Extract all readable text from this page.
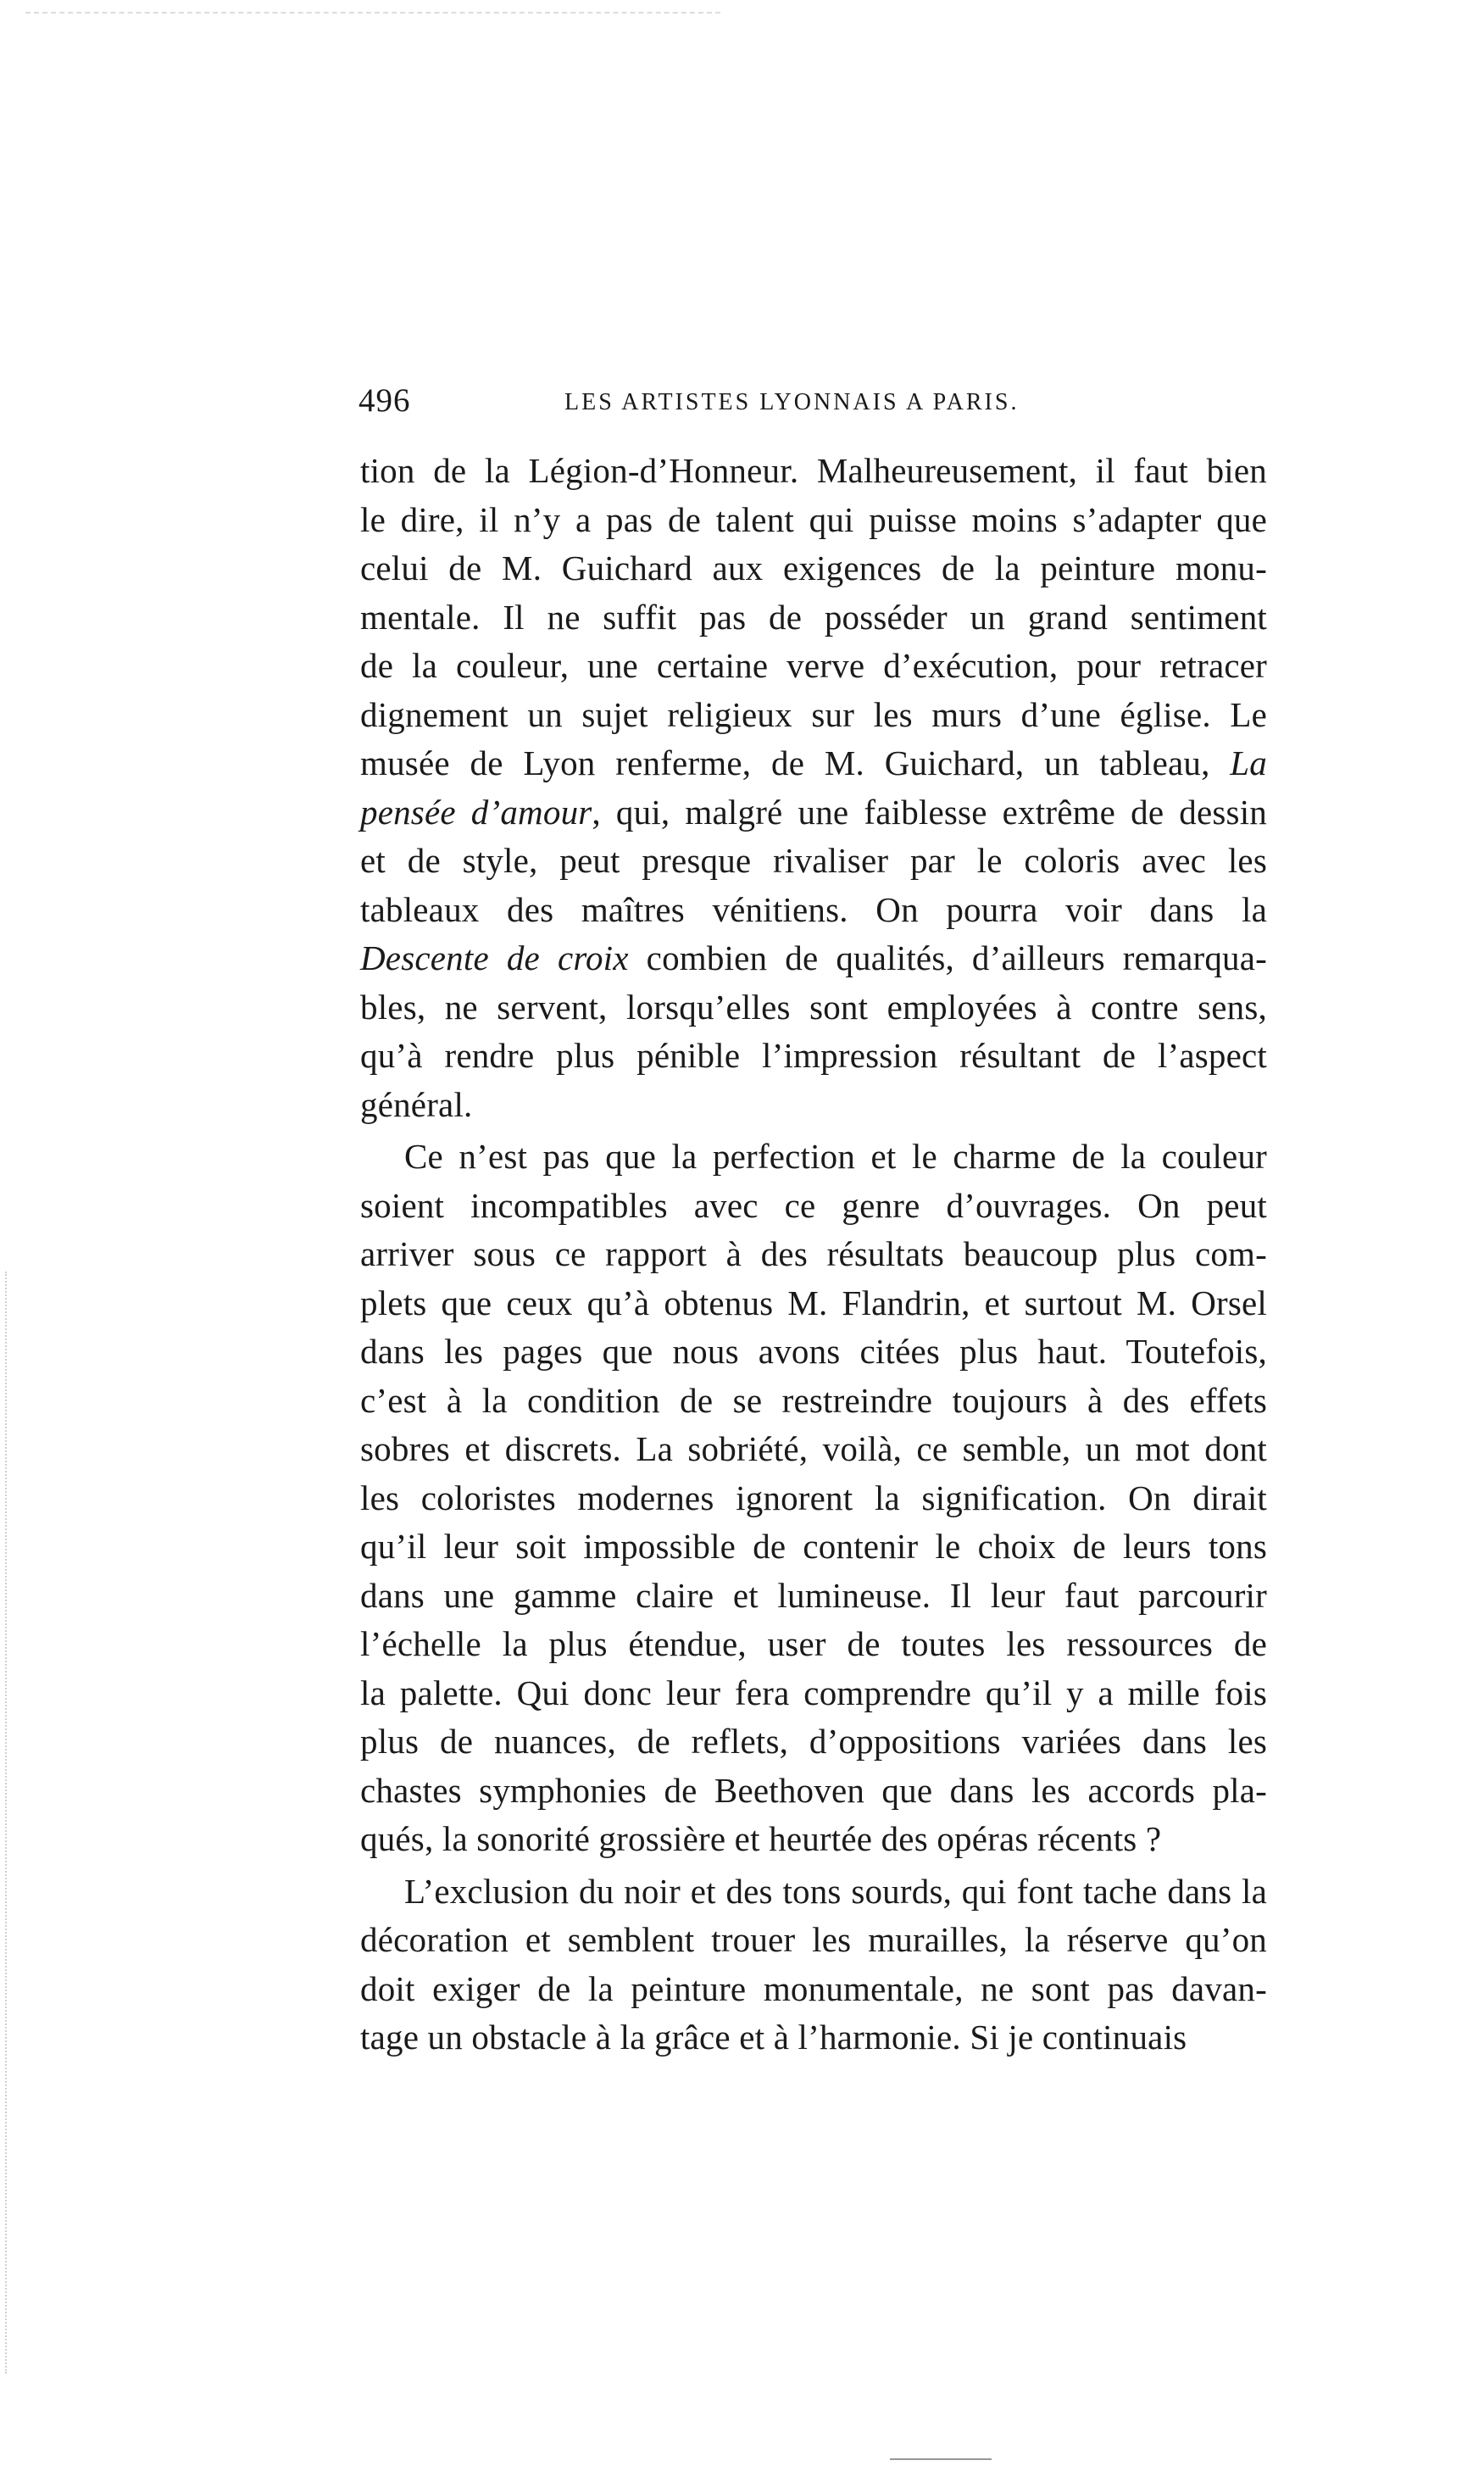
496	LES ARTISTES LYONNAIS A PARIS.
tion de la Légion-d’Honneur. Malheureusement, il faut bien
le dire, il n’y a pas de talent qui puisse moins s’adapter que
celui de M. Guichard aux exigences de la peinture monu-
mentale. Il ne suffit pas de posséder un grand sentiment
de la couleur, une certaine verve d’exécution, pour retracer
dignement un sujet religieux sur les murs d’une église. Le
musée de Lyon renferme, de M. Guichard, un tableau, La
pensée d’amour, qui, malgré une faiblesse extrême de dessin
et de style, peut presque rivaliser par le coloris avec les
tableaux des maîtres vénitiens. On pourra voir dans la
Descente de croix combien de qualités, d’ailleurs remarqua-
bles, ne servent, lorsqu’elles sont employées à contre sens,
qu’à rendre plus pénible l’impression résultant de l’aspect
général.
Ce n’est pas que la perfection et le charme de la couleur
soient incompatibles avec ce genre d’ouvrages. On peut
arriver sous ce rapport à des résultats beaucoup plus com-
plets que ceux qu’à obtenus M. Flandrin, et surtout M. Orsel
dans les pages que nous avons citées plus haut. Toutefois,
c’est à la condition de se restreindre toujours à des effets
sobres et discrets. La sobriété, voilà, ce semble, un mot dont
les coloristes modernes ignorent la signification. On dirait
qu’il leur soit impossible de contenir le choix de leurs tons
dans une gamme claire et lumineuse. Il leur faut parcourir
l’échelle la plus étendue, user de toutes les ressources de
la palette. Qui donc leur fera comprendre qu’il y a mille fois
plus de nuances, de reflets, d’oppositions variées dans les
chastes symphonies de Beethoven que dans les accords pla-
qués, la sonorité grossière et heurtée des opéras récents ?
L’exclusion du noir et des tons sourds, qui font tache dans la
décoration et semblent trouer les murailles, la réserve qu’on
doit exiger de la peinture monumentale, ne sont pas davan-
tage un obstacle à la grâce et à l’harmonie. Si je continuais
